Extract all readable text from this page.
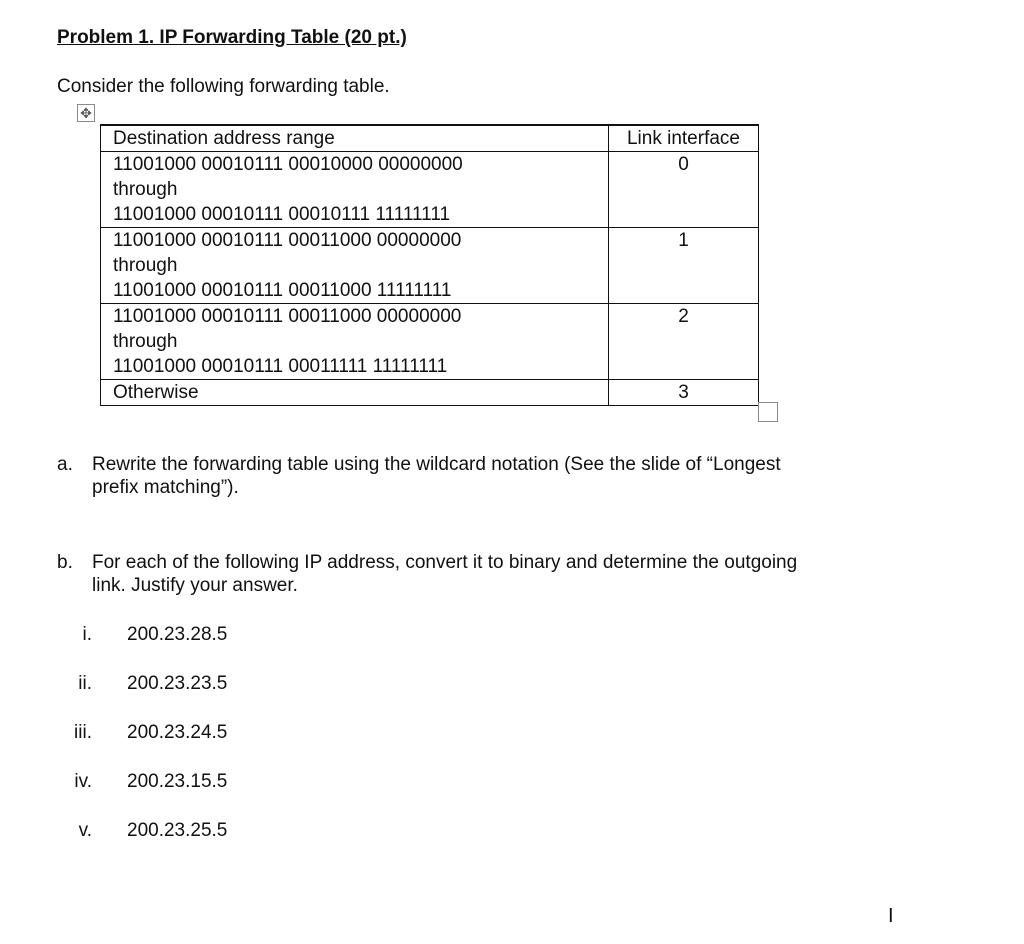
Problem 1. IP Forwarding Table (20 pt.)
Consider the following forwarding table.
✥
Destination address range	Link interface

11001000 00010111 00010000 00000000
through
11001000 00010111 00010111 11111111	0

11001000 00010111 00011000 00000000
through
11001000 00010111 00011000 11111111	1

11001000 00010111 00011000 00000000
through
11001000 00010111 00011111 11111111	2

Otherwise	3
a. Rewrite the forwarding table using the wildcard notation (See the slide of “Longest
prefix matching”).
b. For each of the following IP address, convert it to binary and determine the outgoing
link. Justify your answer.
i. 200.23.28.5
ii. 200.23.23.5
iii. 200.23.24.5
iv. 200.23.15.5
v. 200.23.25.5
I
